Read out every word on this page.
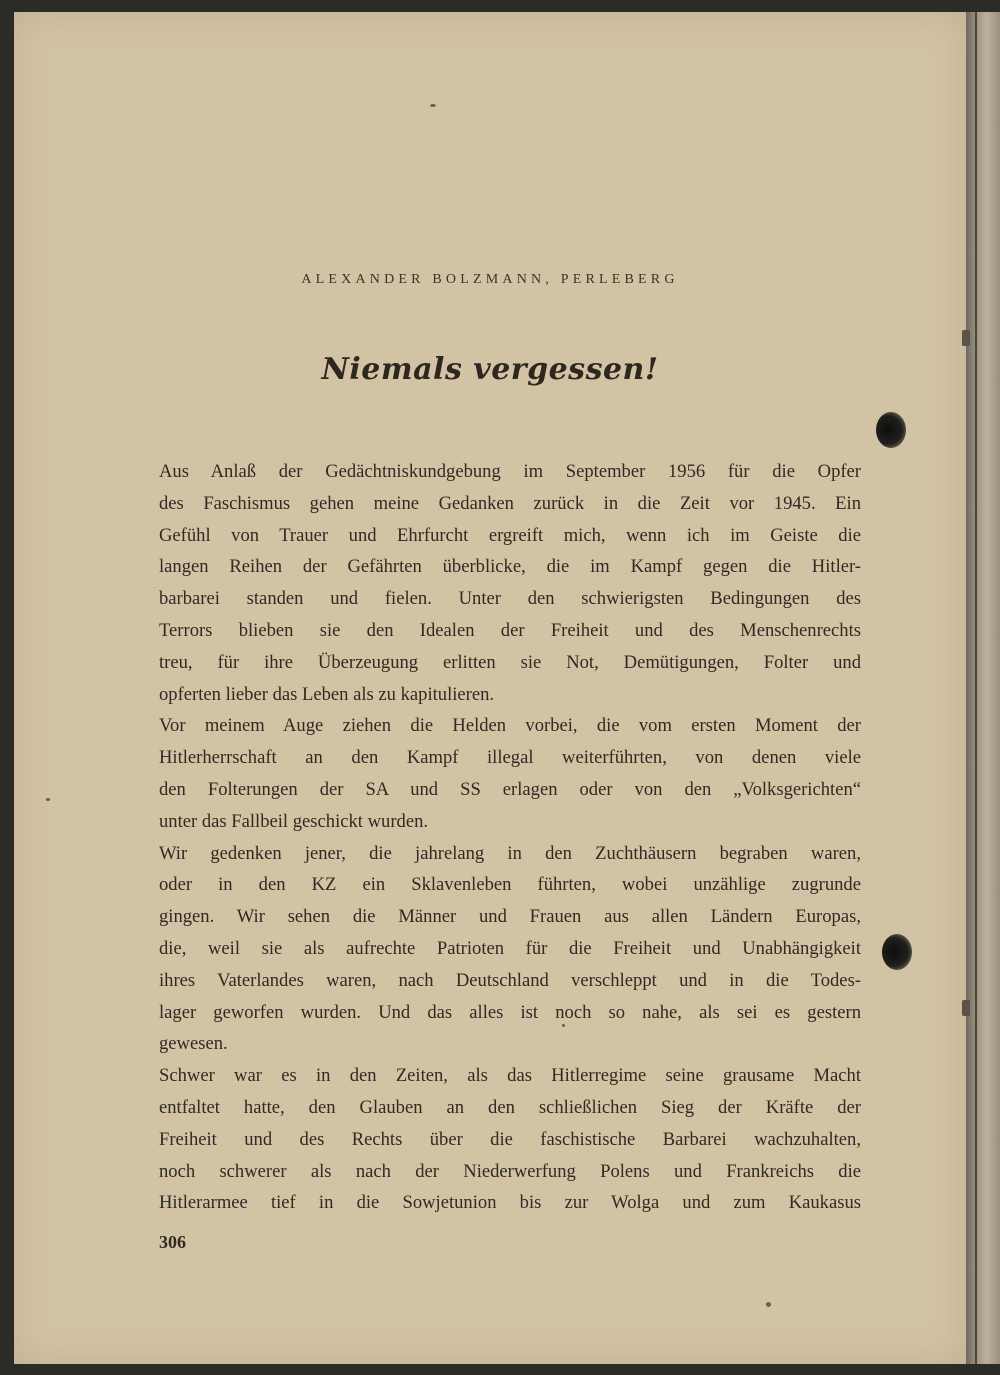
ALEXANDER BOLZMANN, PERLEBERG
Niemals vergessen!
Aus Anlaß der Gedächtniskundgebung im September 1956 für die Opfer
des Faschismus gehen meine Gedanken zurück in die Zeit vor 1945. Ein
Gefühl von Trauer und Ehrfurcht ergreift mich, wenn ich im Geiste die
langen Reihen der Gefährten überblicke, die im Kampf gegen die Hitler-
barbarei standen und fielen. Unter den schwierigsten Bedingungen des
Terrors blieben sie den Idealen der Freiheit und des Menschenrechts
treu, für ihre Überzeugung erlitten sie Not, Demütigungen, Folter und
opferten lieber das Leben als zu kapitulieren.
Vor meinem Auge ziehen die Helden vorbei, die vom ersten Moment der
Hitlerherrschaft an den Kampf illegal weiterführten, von denen viele
den Folterungen der SA und SS erlagen oder von den „Volksgerichten“
unter das Fallbeil geschickt wurden.
Wir gedenken jener, die jahrelang in den Zuchthäusern begraben waren,
oder in den KZ ein Sklavenleben führten, wobei unzählige zugrunde
gingen. Wir sehen die Männer und Frauen aus allen Ländern Europas,
die, weil sie als aufrechte Patrioten für die Freiheit und Unabhängigkeit
ihres Vaterlandes waren, nach Deutschland verschleppt und in die Todes-
lager geworfen wurden. Und das alles ist noch so nahe, als sei es gestern
gewesen.
Schwer war es in den Zeiten, als das Hitlerregime seine grausame Macht
entfaltet hatte, den Glauben an den schließlichen Sieg der Kräfte der
Freiheit und des Rechts über die faschistische Barbarei wachzuhalten,
noch schwerer als nach der Niederwerfung Polens und Frankreichs die
Hitlerarmee tief in die Sowjetunion bis zur Wolga und zum Kaukasus
306
